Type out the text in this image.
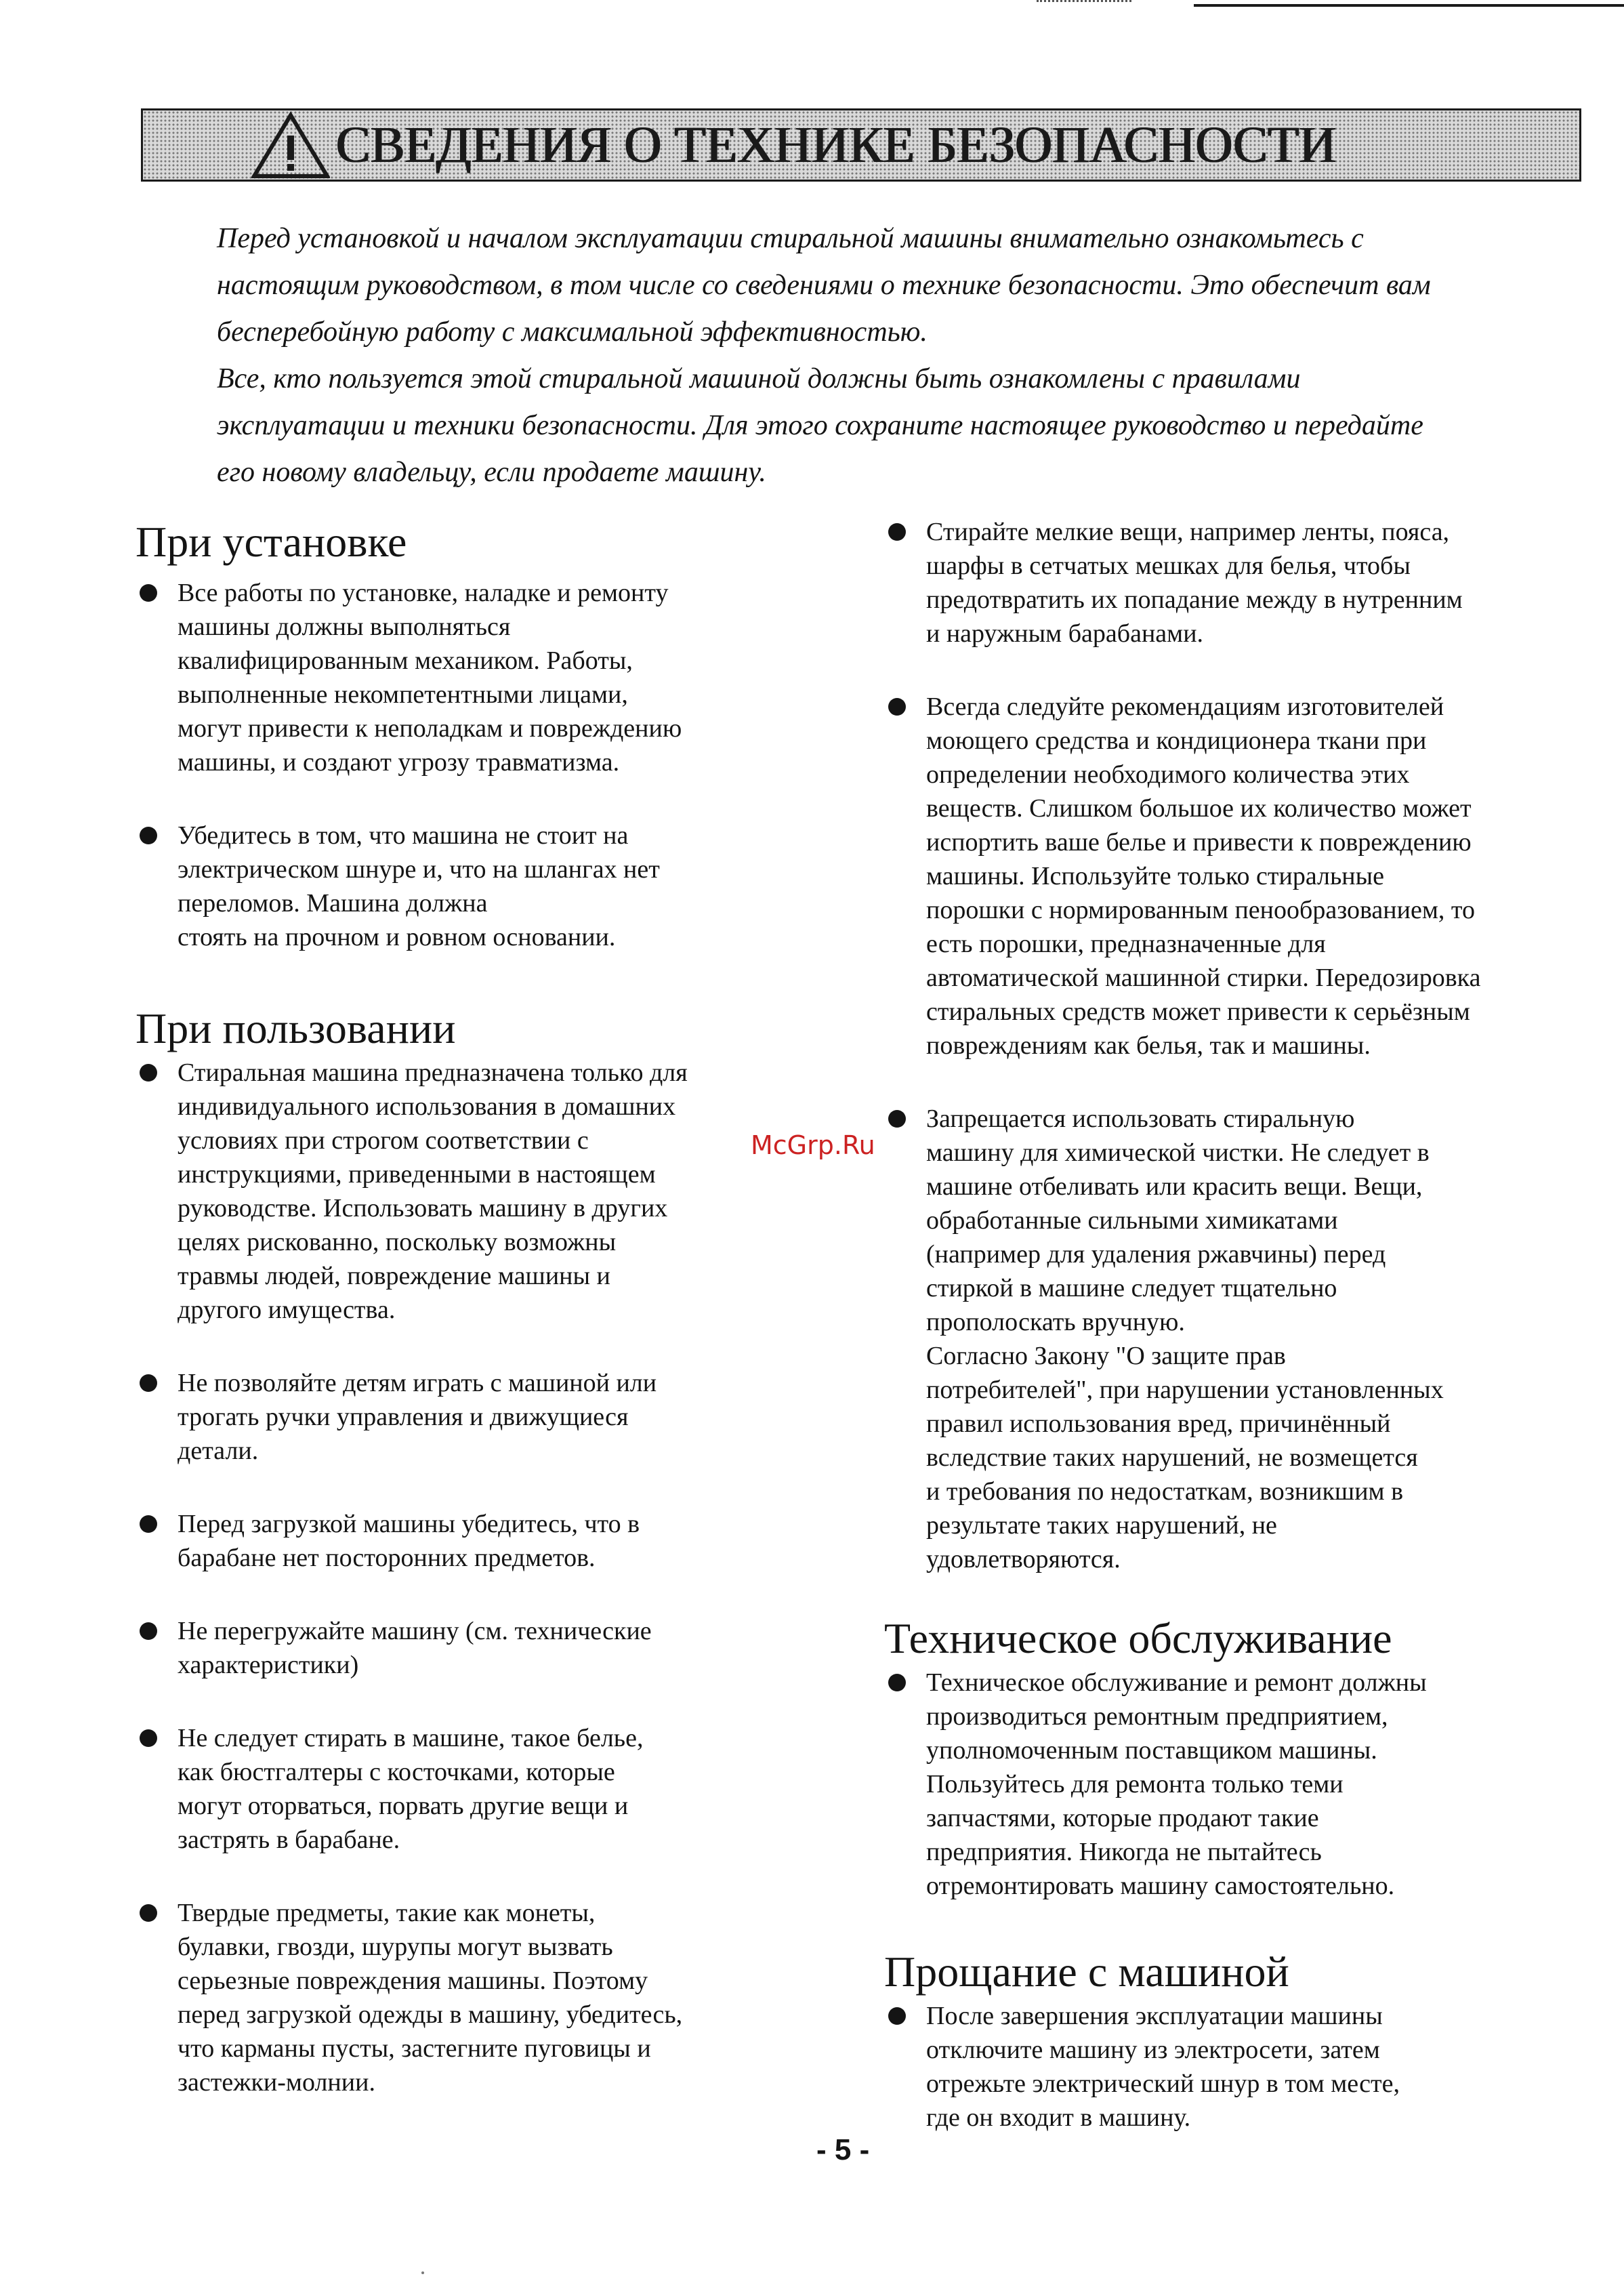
СВЕДЕНИЯ О ТЕХНИКЕ БЕЗОПАСНОСТИ

Перед установкой и началом эксплуатации стиральной машины внимательно ознакомьтесь с
настоящим руководством, в том числе со сведениями о технике безопасности. Это обеспечит вам
бесперебойную работу с максимальной эффективностью.

Все, кто пользуется этой стиральной машиной должны быть ознакомлены с правилами
эксплуатации и техники безопасности. Для этого сохраните настоящее руководство и передайте
его новому владельцу, если продаете машину.

При установке
Все работы по установке, наладке и ремонту
машины должны выполняться
квалифицированным механиком. Работы,
выполненные некомпетентными лицами,
могут привести к неполадкам и повреждению
машины, и создают угрозу травматизма.
Убедитесь в том, что машина не стоит на
электрическом шнуре и, что на шлангах нет
переломов. Машина должна
стоять на прочном и ровном основании.
При пользовании
Стиральная машина предназначена только для
индивидуального использования в домашних
условиях при строгом соответствии с
инструкциями, приведенными в настоящем
руководстве. Использовать машину в других
целях рискованно, поскольку возможны
травмы людей, повреждение машины и
другого имущества.
Не позволяйте детям играть с машиной или
трогать ручки управления и движущиеся
детали.
Перед загрузкой машины убедитесь, что в
барабане нет посторонних предметов.
Не перегружайте машину (см. технические
характеристики)
Не следует стирать в машине, такое белье,
как бюстгалтеры с косточками, которые
могут оторваться, порвать другие вещи и
застрять в барабане.
Твердые предметы, такие как монеты,
булавки, гвозди, шурупы могут вызвать
серьезные повреждения машины. Поэтому
перед загрузкой одежды в машину, убедитесь,
что карманы пусты, застегните пуговицы и
застежки-молнии.
Стирайте мелкие вещи, например ленты, пояса,
шарфы в сетчатых мешках для белья, чтобы
предотвратить их попадание между в нутренним
и наружным барабанами.
Всегда следуйте рекомендациям изготовителей
моющего средства и кондиционера ткани при
определении необходимого количества этих
веществ. Слишком большое их количество может
испортить ваше белье и привести к повреждению
машины. Используйте только стиральные
порошки с нормированным пенообразованием, то
есть порошки, предназначенные для
автоматической машинной стирки. Передозировка
стиральных средств может привести к серьёзным
повреждениям как белья, так и машины.
Запрещается использовать стиральную
машину для химической чистки. Не следует в
машине отбеливать или красить вещи. Вещи,
обработанные сильными химикатами
(например для удаления ржавчины) перед
стиркой в машине следует тщательно
прополоскать вручную.
Согласно Закону "О защите прав
потребителей", при нарушении установленных
правил использования вред, причинённый
вследствие таких нарушений, не возмещется
и требования по недостаткам, возникшим в
результате таких нарушений, не
удовлетворяются.
Техническое обслуживание
Техническое обслуживание и ремонт должны
производиться ремонтным предприятием,
уполномоченным поставщиком машины.
Пользуйтесь для ремонта только теми
запчастями, которые продают такие
предприятия. Никогда не пытайтесь
отремонтировать машину самостоятельно.
Прощание с машиной
После завершения эксплуатации машины
отключите машину из электросети, затем
отрежьте электрический шнур в том месте,
где он входит в машину.
McGrp.Ru
- 5 -
